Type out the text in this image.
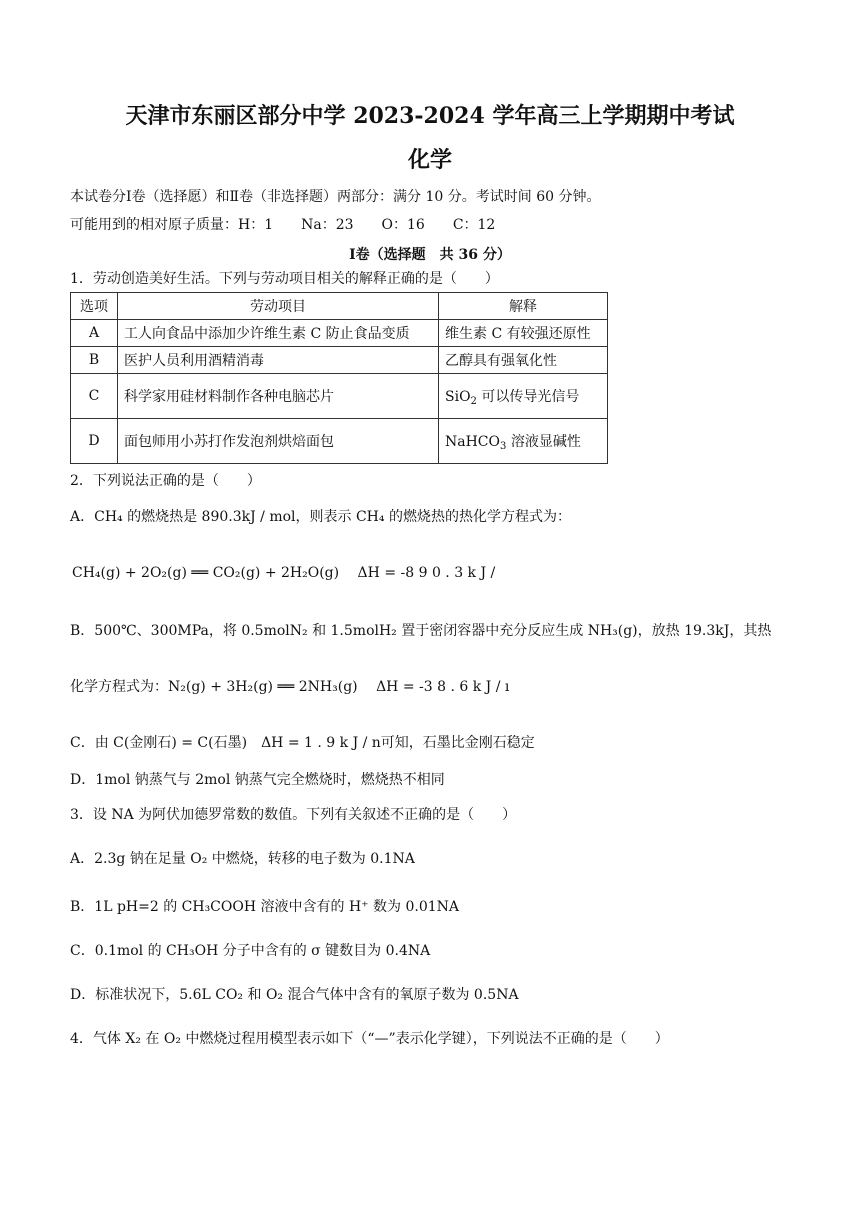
天津市东丽区部分中学 2023-2024 学年高三上学期期中考试
化学
本试卷分Ⅰ卷（选择愿）和Ⅱ卷（非选择题）两部分：满分 10 分。考试时间 60 分钟。
可能用到的相对原子质量：H：1　　Na：23　　O：16　　C：12
Ⅰ卷（选择题　共 36 分）
1．劳动创造美好生活。下列与劳动项目相关的解释正确的是（　　）
选项	劳动项目	解释
A	工人向食品中添加少许维生素 C 防止食品变质	维生素 C 有较强还原性
B	医护人员利用酒精消毒	乙醇具有强氧化性
C	科学家用硅材料制作各种电脑芯片	SiO$_2$ 可以传导光信号
D	面包师用小苏打作发泡剂烘焙面包	NaHCO$_3$ 溶液显碱性
2．下列说法正确的是（　　）
A．CH₄ 的燃烧热是 890.3kJ / mol，则表示 CH₄ 的燃烧热的热化学方程式为：
CH₄(g) + 2O₂(g) ══ CO₂(g) + 2H₂O(g)　 ΔH = -8 9 0 . 3 k J /
B．500℃、300MPa，将 0.5molN₂ 和 1.5molH₂ 置于密闭容器中充分反应生成 NH₃(g)，放热 19.3kJ，其热
化学方程式为：N₂(g) + 3H₂(g) ══ 2NH₃(g)　 ΔH = -3 8 . 6 k J / ı
C．由 C(金刚石) = C(石墨)　ΔH = 1 . 9 k J / n可知，石墨比金刚石稳定
D．1mol 钠蒸气与 2mol 钠蒸气完全燃烧时，燃烧热不相同
3．设 NA 为阿伏加德罗常数的数值。下列有关叙述不正确的是（　　）
A．2.3g 钠在足量 O₂ 中燃烧，转移的电子数为 0.1NA
B．1L pH=2 的 CH₃COOH 溶液中含有的 H⁺ 数为 0.01NA
C．0.1mol 的 CH₃OH 分子中含有的 σ 键数目为 0.4NA
D．标准状况下，5.6L CO₂ 和 O₂ 混合气体中含有的氧原子数为 0.5NA
4．气体 X₂ 在 O₂ 中燃烧过程用模型表示如下（“—”表示化学键），下列说法不正确的是（　　）
